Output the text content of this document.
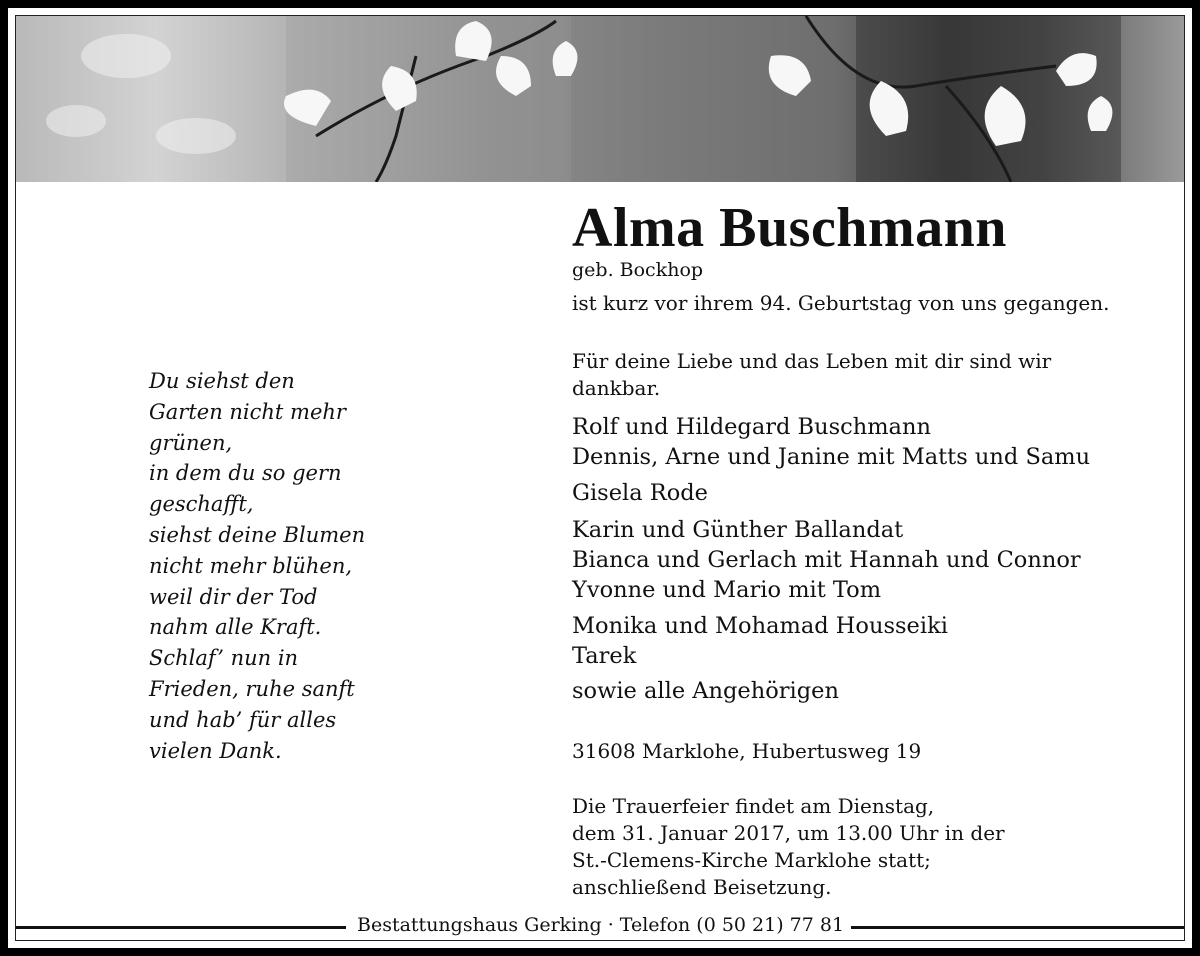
Du siehst den
Garten nicht mehr
grünen,
in dem du so gern
geschafft,
siehst deine Blumen
nicht mehr blühen,
weil dir der Tod
nahm alle Kraft.
Schlaf’ nun in
Frieden, ruhe sanft
und hab’ für alles
vielen Dank.
Alma Buschmann
geb. Bockhop
ist kurz vor ihrem 94. Geburtstag von uns gegangen.
Für deine Liebe und das Leben mit dir sind wir
dankbar.
Rolf und Hildegard Buschmann
Dennis, Arne und Janine mit Matts und Samu
Gisela Rode
Karin und Günther Ballandat
Bianca und Gerlach mit Hannah und Connor
Yvonne und Mario mit Tom
Monika und Mohamad Housseiki
Tarek
sowie alle Angehörigen
31608 Marklohe, Hubertusweg 19
Die Trauerfeier findet am Dienstag,
dem 31. Januar 2017, um 13.00 Uhr in der
St.-Clemens-Kirche Marklohe statt;
anschließend Beisetzung.
Bestattungshaus Gerking · Telefon (0 50 21) 77 81
